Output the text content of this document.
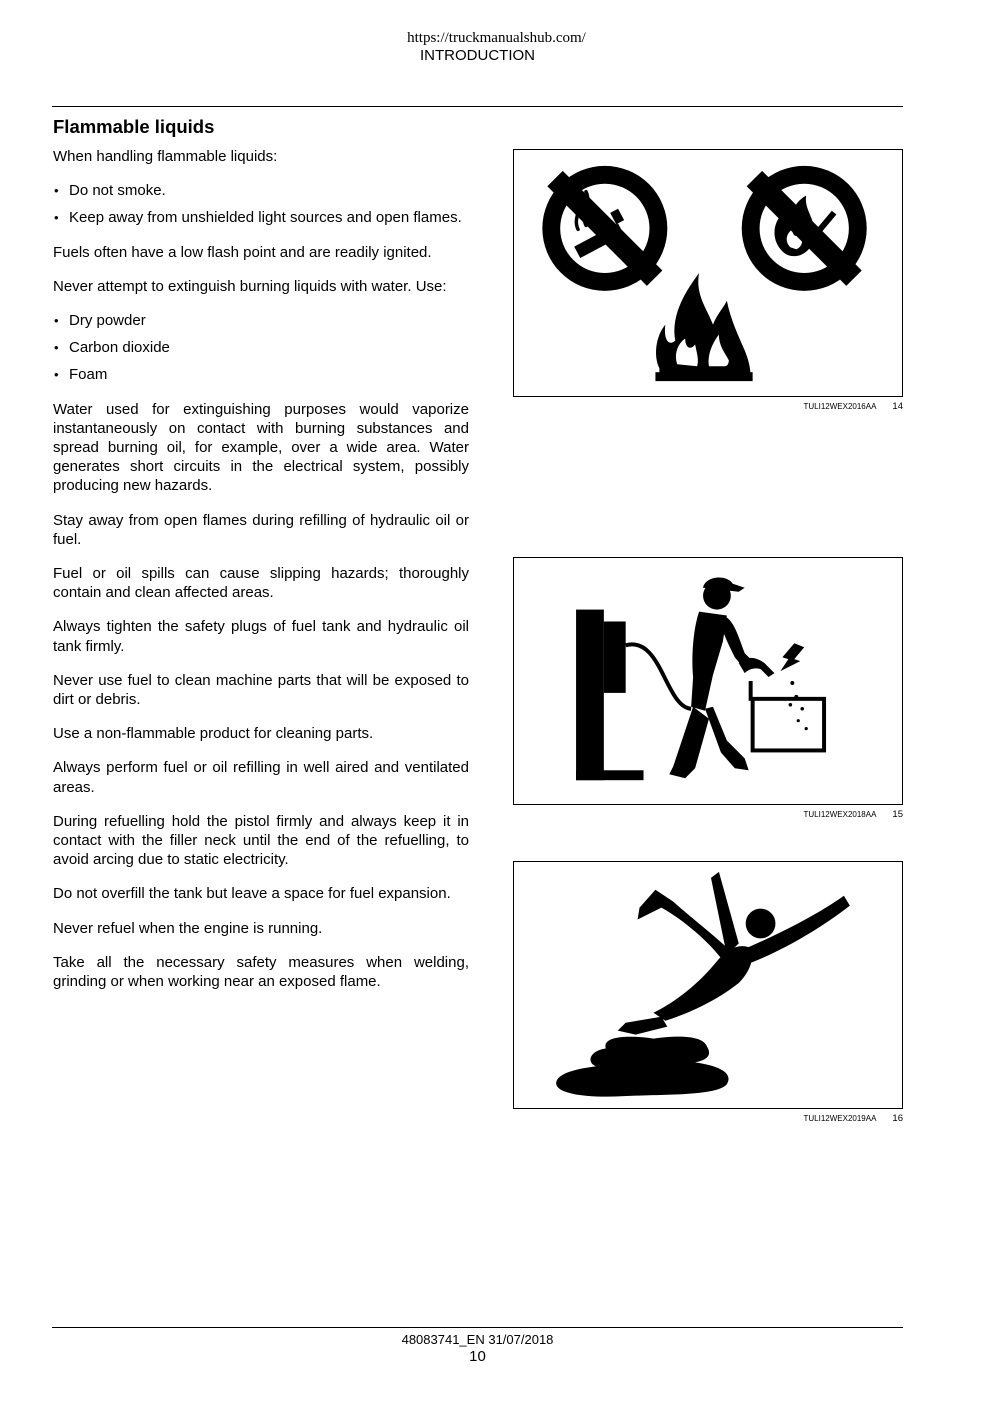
https://truckmanualshub.com/
INTRODUCTION
Flammable liquids

When handling flammable liquids:

• Do not smoke.
• Keep away from unshielded light sources and open flames.

Fuels often have a low flash point and are readily ignited.

Never attempt to extinguish burning liquids with water. Use:

• Dry powder
• Carbon dioxide
• Foam

Water used for extinguishing purposes would vaporize instantaneously on contact with burning substances and spread burning oil, for example, over a wide area. Water generates short circuits in the electrical system, possibly producing new hazards.

Stay away from open flames during refilling of hydraulic oil or fuel.

Fuel or oil spills can cause slipping hazards; thoroughly contain and clean affected areas.

Always tighten the safety plugs of fuel tank and hydraulic oil tank firmly.

Never use fuel to clean machine parts that will be exposed to dirt or debris.

Use a non-flammable product for cleaning parts.

Always perform fuel or oil refilling in well aired and ventilated areas.

During refuelling hold the pistol firmly and always keep it in contact with the filler neck until the end of the refuelling, to avoid arcing due to static electricity.

Do not overfill the tank but leave a space for fuel expansion.

Never refuel when the engine is running.

Take all the necessary safety measures when welding, grinding or when working near an exposed flame.

TULI12WEX2016AA 14
TULI12WEX2018AA 15
TULI12WEX2019AA 16
48083741_EN 31/07/2018
10
